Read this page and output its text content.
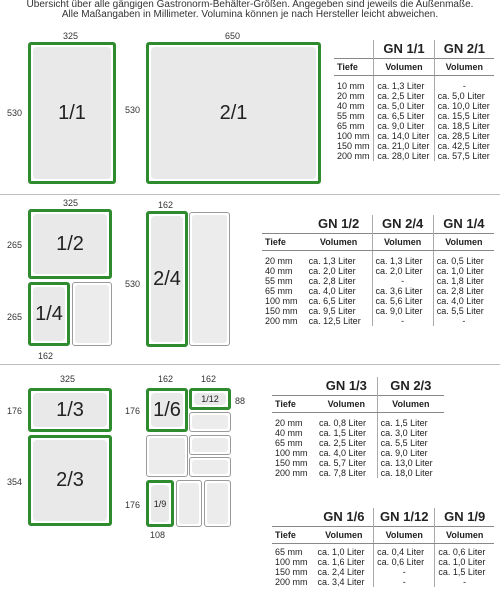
Übersicht über alle gängigen Gastronorm-Behälter-Größen. Angegeben sind jeweils die Außenmaße.
Alle Maßangaben in Millimeter. Volumina können je nach Hersteller leicht abweichen.
325	650
530	530
1/1	2/1
	GN 1/1	GN 2/1
Tiefe	Volumen	Volumen

10 mm	ca. 1,3 Liter	-
20 mm	ca. 2,5 Liter	ca. 5,0 Liter
40 mm	ca. 5,0 Liter	ca. 10,0 Liter
55 mm	ca. 6,5 Liter	ca. 15,5 Liter
65 mm	ca. 9,0 Liter	ca. 18,5 Liter
100 mm	ca. 14,0 Liter	ca. 28,5 Liter
150 mm	ca. 21,0 Liter	ca. 42,5 Liter
200 mm	ca. 28,0 Liter	ca. 57,5 Liter
325	162
265
265
530
162
1/2
1/4
2/4
	GN 1/2	GN 2/4	GN 1/4
Tiefe	Volumen	Volumen	Volumen

20 mm	ca. 1,3 Liter	ca. 1,3 Liter	ca. 0,5 Liter
40 mm	ca. 2,0 Liter	ca. 2,0 Liter	ca. 1,0 Liter
55 mm	ca. 2,8 Liter	-	ca. 1,8 Liter
65 mm	ca. 4,0 Liter	ca. 3,6 Liter	ca. 2,8 Liter
100 mm	ca. 6,5 Liter	ca. 5,6 Liter	ca. 4,0 Liter
150 mm	ca. 9,5 Liter	ca. 9,0 Liter	ca. 5,5 Liter
200 mm	ca. 12,5 Liter	-	-
325	162	162
176
354
176
176
88
108
1/3
2/3
1/6	1/12
1/9
	GN 1/3	GN 2/3
Tiefe	Volumen	Volumen

20 mm	ca. 0,8 Liter	ca. 1,5 Liter
40 mm	ca. 1,5 Liter	ca. 3,0 Liter
65 mm	ca. 2,5 Liter	ca. 5,5 Liter
100 mm	ca. 4,0 Liter	ca. 9,0 Liter
150 mm	ca. 5,7 Liter	ca. 13,0 Liter
200 mm	ca. 7,8 Liter	ca. 18,0 Liter
	GN 1/6	GN 1/12	GN 1/9
Tiefe	Volumen	Volumen	Volumen

65 mm	ca. 1,0 Liter	ca. 0,4 Liter	ca. 0,6 Liter
100 mm	ca. 1,6 Liter	ca. 0,6 Liter	ca. 1,0 Liter
150 mm	ca. 2,4 Liter	-	ca. 1,5 Liter
200 mm	ca. 3,4 Liter	-	-
